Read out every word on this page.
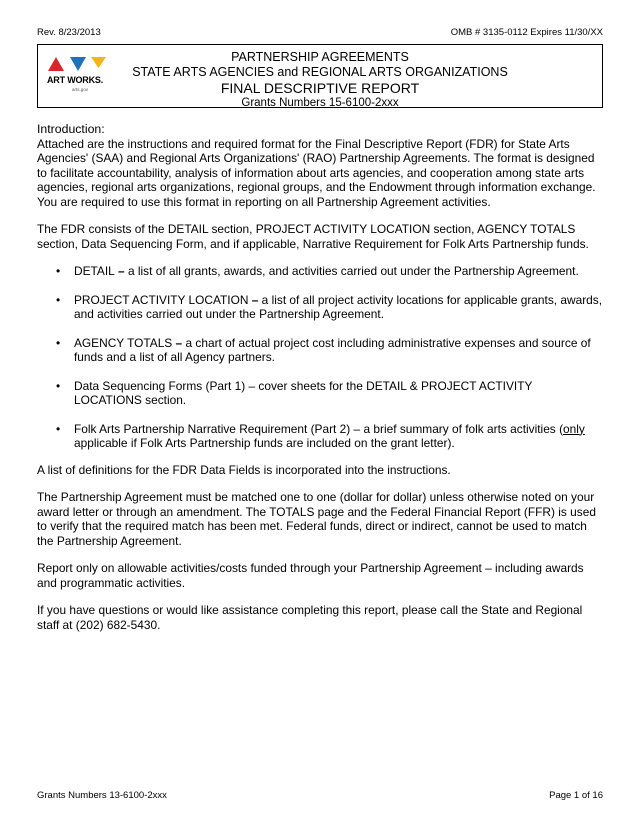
Rev. 8/23/2013	OMB # 3135-0112 Expires 11/30/XX
ART WORKS.
arts.gov
PARTNERSHIP AGREEMENTS
STATE ARTS AGENCIES and REGIONAL ARTS ORGANIZATIONS
FINAL DESCRIPTIVE REPORT
Grants Numbers 15-6100-2xxx

Introduction:

Attached are the instructions and required format for the Final Descriptive Report (FDR) for State Arts Agencies' (SAA) and Regional Arts Organizations' (RAO) Partnership Agreements. The format is designed to facilitate accountability, analysis of information about arts agencies, and cooperation among state arts agencies, regional arts organizations, regional groups, and the Endowment through information exchange. You are required to use this format in reporting on all Partnership Agreement activities.

The FDR consists of the DETAIL section, PROJECT ACTIVITY LOCATION section, AGENCY TOTALS section, Data Sequencing Form, and if applicable, Narrative Requirement for Folk Arts Partnership funds.

• DETAIL – a list of all grants, awards, and activities carried out under the Partnership Agreement.
• PROJECT ACTIVITY LOCATION – a list of all project activity locations for applicable grants, awards, and activities carried out under the Partnership Agreement.
• AGENCY TOTALS – a chart of actual project cost including administrative expenses and source of funds and a list of all Agency partners.
• Data Sequencing Forms (Part 1) – cover sheets for the DETAIL & PROJECT ACTIVITY LOCATIONS section.
• Folk Arts Partnership Narrative Requirement (Part 2) – a brief summary of folk arts activities (only applicable if Folk Arts Partnership funds are included on the grant letter).

A list of definitions for the FDR Data Fields is incorporated into the instructions.

The Partnership Agreement must be matched one to one (dollar for dollar) unless otherwise noted on your award letter or through an amendment. The TOTALS page and the Federal Financial Report (FFR) is used to verify that the required match has been met. Federal funds, direct or indirect, cannot be used to match the Partnership Agreement.

Report only on allowable activities/costs funded through your Partnership Agreement – including awards and programmatic activities.

If you have questions or would like assistance completing this report, please call the State and Regional staff at (202) 682-5430.

Grants Numbers 13-6100-2xxx	Page 1 of 16
